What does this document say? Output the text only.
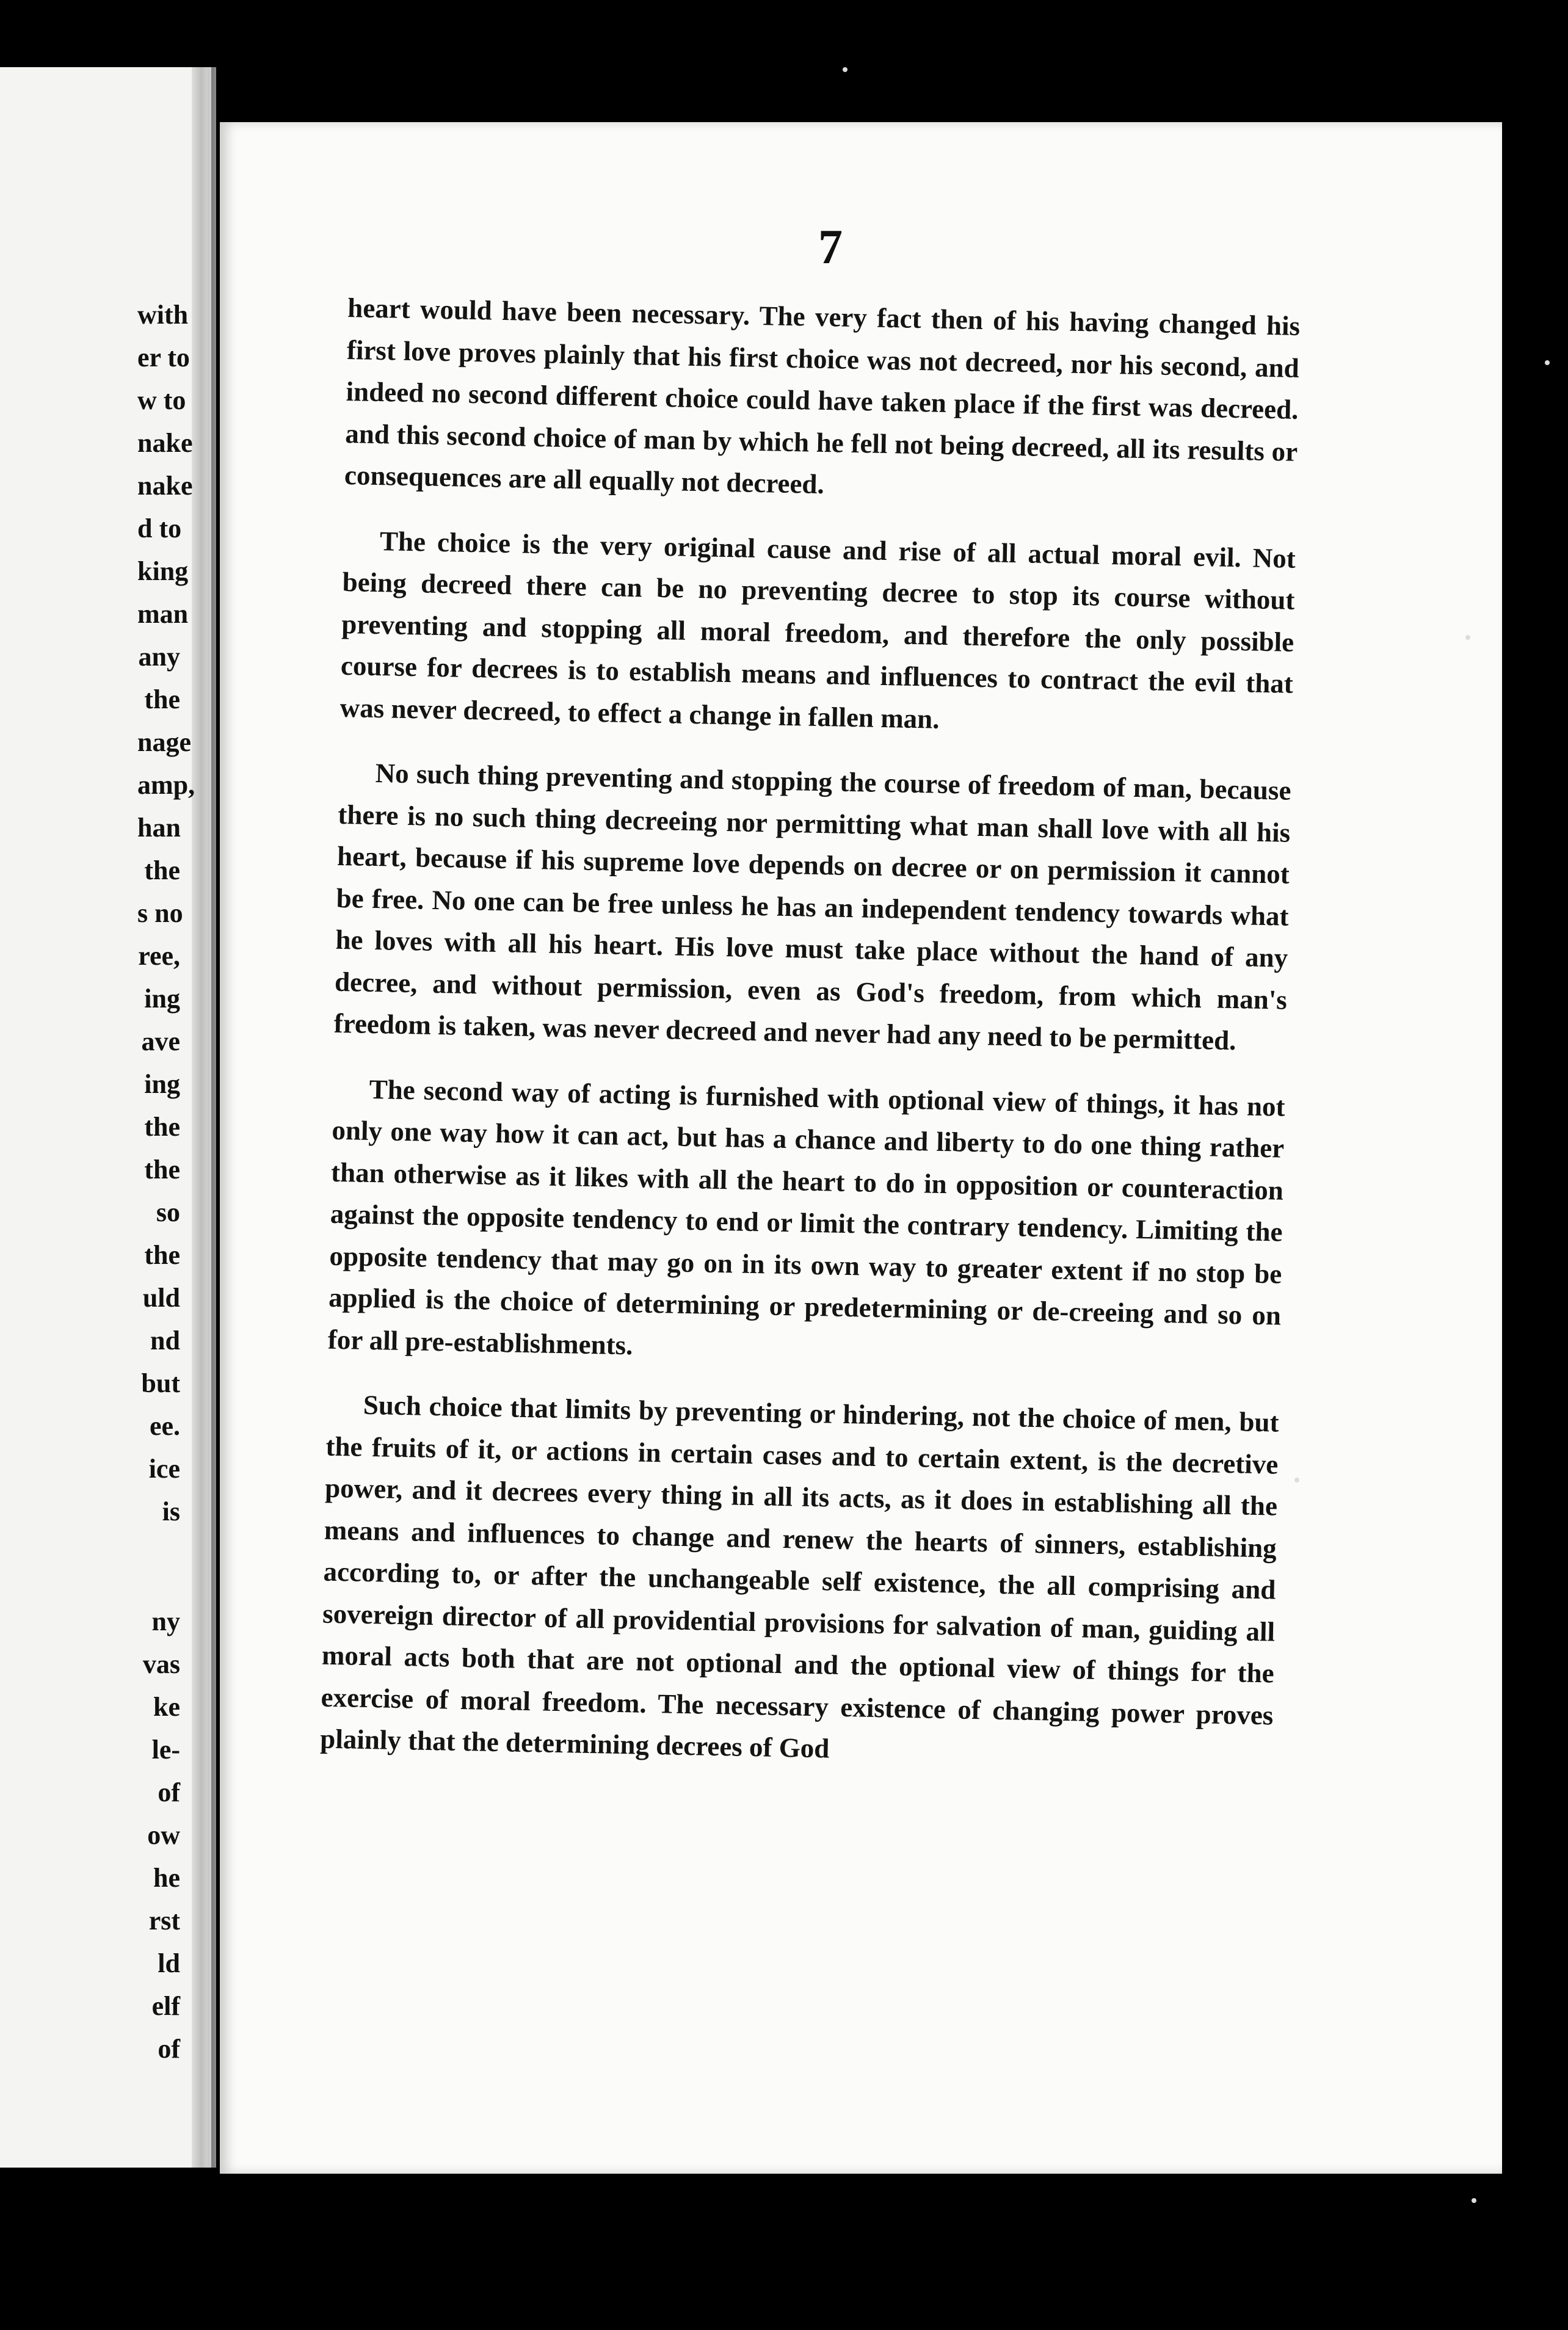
with
er to
w to
nake
nake
d to
king
man
any
the
nage
amp,
han
the
s no
ree,
ing
ave
ing
the
the
so
the
uld
nd
but
ee.
ice
is
ny
vas
ke
le-
of
ow
he
rst
ld
elf
of
7

heart would have been necessary. The very fact then of his having changed his first love proves plainly that his first choice was not decreed, nor his second, and indeed no second different choice could have taken place if the first was decreed. and this second choice of man by which he fell not being decreed, all its results or consequences are all equally not decreed.

The choice is the very original cause and rise of all actual moral evil. Not being decreed there can be no preventing decree to stop its course without preventing and stopping all moral freedom, and therefore the only possible course for decrees is to establish means and influences to contract the evil that was never decreed, to effect a change in fallen man.

No such thing preventing and stopping the course of freedom of man, because there is no such thing decreeing nor permitting what man shall love with all his heart, because if his supreme love depends on decree or on permission it cannot be free. No one can be free unless he has an independent tendency towards what he loves with all his heart. His love must take place without the hand of any decree, and without permission, even as God's freedom, from which man's freedom is taken, was never decreed and never had any need to be permitted.

The second way of acting is furnished with optional view of things, it has not only one way how it can act, but has a chance and liberty to do one thing rather than otherwise as it likes with all the heart to do in opposition or counteraction against the opposite tendency to end or limit the contrary tendency. Limiting the opposite tendency that may go on in its own way to greater extent if no stop be applied is the choice of determining or predetermining or de-creeing and so on for all pre-establishments.

Such choice that limits by preventing or hindering, not the choice of men, but the fruits of it, or actions in certain cases and to certain extent, is the decretive power, and it decrees every thing in all its acts, as it does in establishing all the means and influences to change and renew the hearts of sinners, establishing according to, or after the unchangeable self existence, the all comprising and sovereign director of all providential provisions for salvation of man, guiding all moral acts both that are not optional and the optional view of things for the exercise of moral freedom. The necessary existence of changing power proves plainly that the determining decrees of God
